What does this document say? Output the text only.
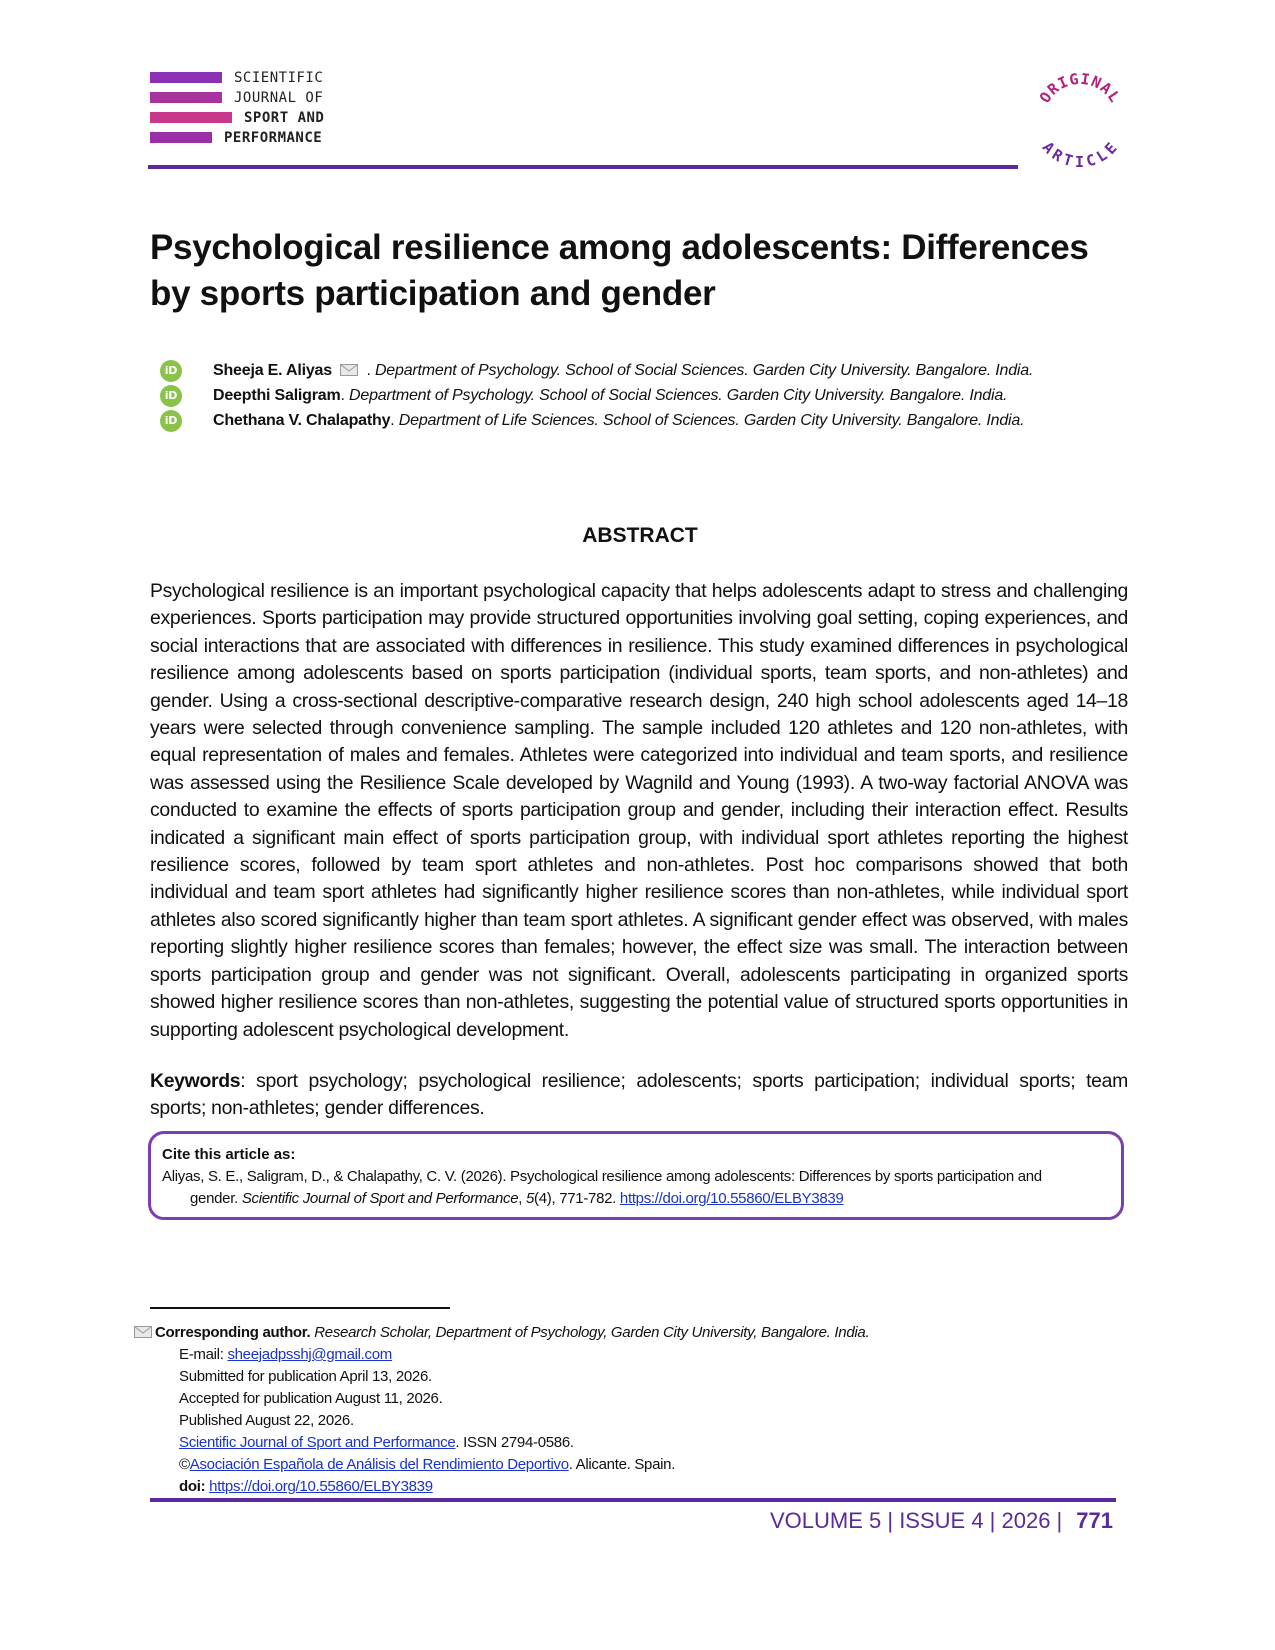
SCIENTIFIC
JOURNAL OF
SPORT AND
PERFORMANCE
ORIGINAL
ARTICLE
Psychological resilience among adolescents: Differences by sports participation and gender
iD Sheeja E. Aliyas  . Department of Psychology. School of Social Sciences. Garden City University. Bangalore. India.
iD Deepthi Saligram. Department of Psychology. School of Social Sciences. Garden City University. Bangalore. India.
iD Chethana V. Chalapathy. Department of Life Sciences. School of Sciences. Garden City University. Bangalore. India.
ABSTRACT
Psychological resilience is an important psychological capacity that helps adolescents adapt to stress and challenging experiences. Sports participation may provide structured opportunities involving goal setting, coping experiences, and social interactions that are associated with differences in resilience. This study examined differences in psychological resilience among adolescents based on sports participation (individual sports, team sports, and non-athletes) and gender. Using a cross-sectional descriptive-comparative research design, 240 high school adolescents aged 14–18 years were selected through convenience sampling. The sample included 120 athletes and 120 non-athletes, with equal representation of males and females. Athletes were categorized into individual and team sports, and resilience was assessed using the Resilience Scale developed by Wagnild and Young (1993). A two-way factorial ANOVA was conducted to examine the effects of sports participation group and gender, including their interaction effect. Results indicated a significant main effect of sports participation group, with individual sport athletes reporting the highest resilience scores, followed by team sport athletes and non-athletes. Post hoc comparisons showed that both individual and team sport athletes had significantly higher resilience scores than non-athletes, while individual sport athletes also scored significantly higher than team sport athletes. A significant gender effect was observed, with males reporting slightly higher resilience scores than females; however, the effect size was small. The interaction between sports participation group and gender was not significant. Overall, adolescents participating in organized sports showed higher resilience scores than non-athletes, suggesting the potential value of structured sports opportunities in supporting adolescent psychological development.
Keywords: sport psychology; psychological resilience; adolescents; sports participation; individual sports; team sports; non-athletes; gender differences.
Cite this article as:
Aliyas, S. E., Saligram, D., & Chalapathy, C. V. (2026). Psychological resilience among adolescents: Differences by sports participation and
gender. Scientific Journal of Sport and Performance, 5(4), 771-782. https://doi.org/10.55860/ELBY3839
Corresponding author. Research Scholar, Department of Psychology, Garden City University, Bangalore. India.
E-mail: sheejadpsshj@gmail.com
Submitted for publication April 13, 2026.
Accepted for publication August 11, 2026.
Published August 22, 2026.
Scientific Journal of Sport and Performance. ISSN 2794-0586.
©Asociación Española de Análisis del Rendimiento Deportivo. Alicante. Spain.
doi: https://doi.org/10.55860/ELBY3839
VOLUME 5 | ISSUE 4 | 2026 | 771
